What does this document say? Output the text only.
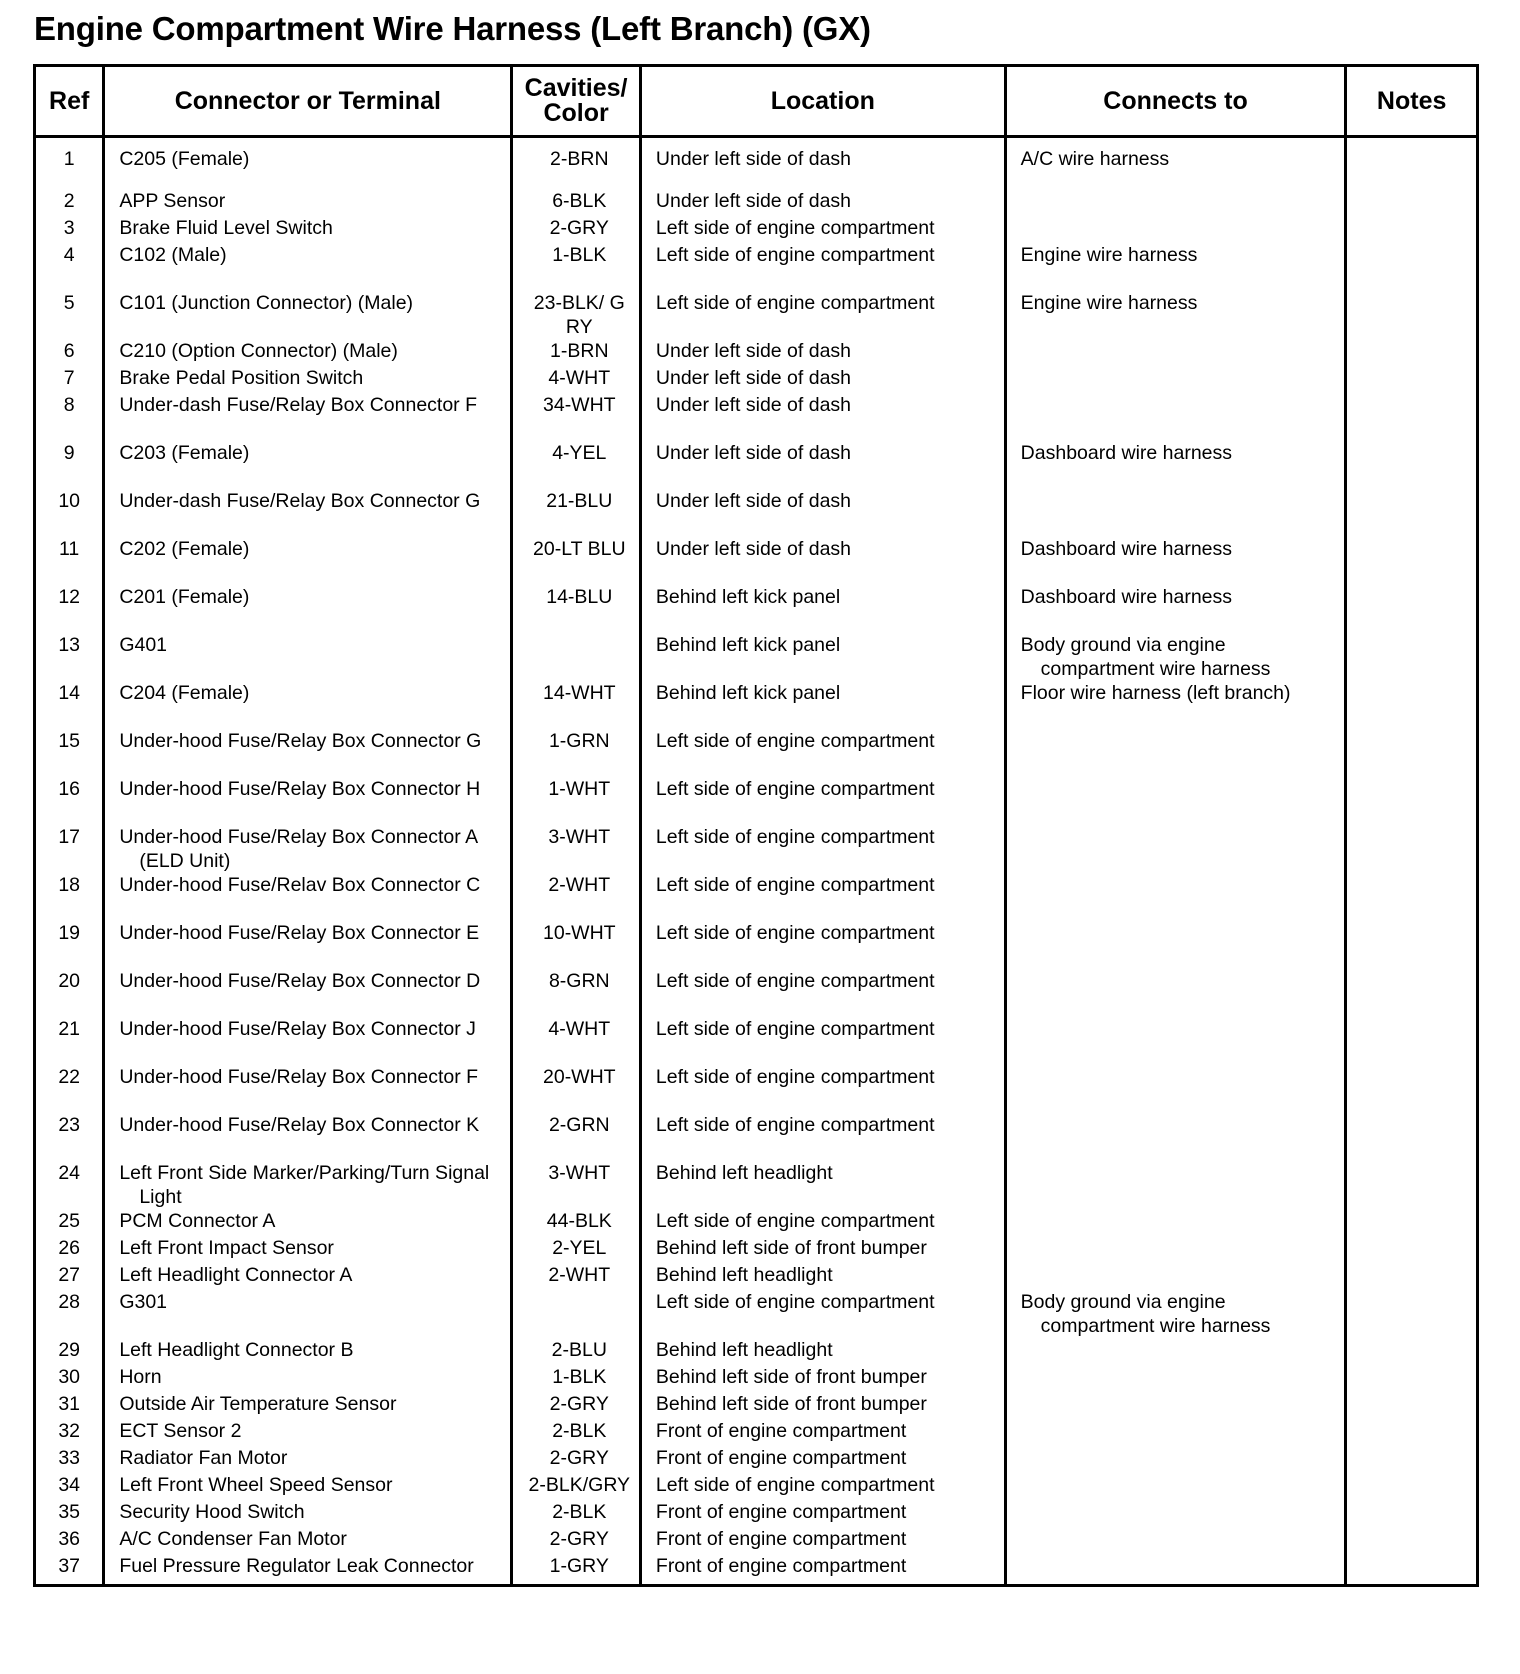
Engine Compartment Wire Harness (Left Branch) (GX)
Ref	Connector or Terminal	Cavities/ Color	Location	Connects to	Notes
1	C205 (Female)	2-BRN	Under left side of dash	A/C wire harness	
2	APP Sensor	6-BLK	Under left side of dash		
3	Brake Fluid Level Switch	2-GRY	Left side of engine compartment		
4	C102 (Male)	1-BLK	Left side of engine compartment	Engine wire harness	
5	C101 (Junction Connector) (Male)	23-BLK/ GRY	Left side of engine compartment	Engine wire harness	
6	C210 (Option Connector) (Male)	1-BRN	Under left side of dash		
7	Brake Pedal Position Switch	4-WHT	Under left side of dash		
8	Under-dash Fuse/Relay Box Connector F	34-WHT	Under left side of dash		
9	C203 (Female)	4-YEL	Under left side of dash	Dashboard wire harness	
10	Under-dash Fuse/Relay Box Connector G	21-BLU	Under left side of dash		
11	C202 (Female)	20-LT BLU	Under left side of dash	Dashboard wire harness	
12	C201 (Female)	14-BLU	Behind left kick panel	Dashboard wire harness	
13	G401		Behind left kick panel	Body ground via engine
compartment wire harness	

14	C204 (Female)	14-WHT	Behind left kick panel	Floor wire harness (left branch)	
15	Under-hood Fuse/Relay Box Connector G	1-GRN	Left side of engine compartment		
16	Under-hood Fuse/Relay Box Connector H	1-WHT	Left side of engine compartment		
17	Under-hood Fuse/Relay Box Connector A
(ELD Unit)	3-WHT	Left side of engine compartment		
18	Under-hood Fuse/Relav Box Connector C	2-WHT	Left side of engine compartment		
19	Under-hood Fuse/Relay Box Connector E	10-WHT	Left side of engine compartment		
20	Under-hood Fuse/Relay Box Connector D	8-GRN	Left side of engine compartment		
21	Under-hood Fuse/Relay Box Connector J	4-WHT	Left side of engine compartment		
22	Under-hood Fuse/Relay Box Connector F	20-WHT	Left side of engine compartment		
23	Under-hood Fuse/Relay Box Connector K	2-GRN	Left side of engine compartment		
24	Left Front Side Marker/Parking/Turn Signal
Light	3-WHT	Behind left headlight		
25	PCM Connector A	44-BLK	Left side of engine compartment		
26	Left Front Impact Sensor	2-YEL	Behind left side of front bumper		
27	Left Headlight Connector A	2-WHT	Behind left headlight		
28	G301		Left side of engine compartment	Body ground via engine
compartment wire harness	

29	Left Headlight Connector B	2-BLU	Behind left headlight		
30	Horn	1-BLK	Behind left side of front bumper		
31	Outside Air Temperature Sensor	2-GRY	Behind left side of front bumper		
32	ECT Sensor 2	2-BLK	Front of engine compartment		
33	Radiator Fan Motor	2-GRY	Front of engine compartment		
34	Left Front Wheel Speed Sensor	2-BLK/GRY	Left side of engine compartment		
35	Security Hood Switch	2-BLK	Front of engine compartment		
36	A/C Condenser Fan Motor	2-GRY	Front of engine compartment		
37	Fuel Pressure Regulator Leak Connector	1-GRY	Front of engine compartment		
